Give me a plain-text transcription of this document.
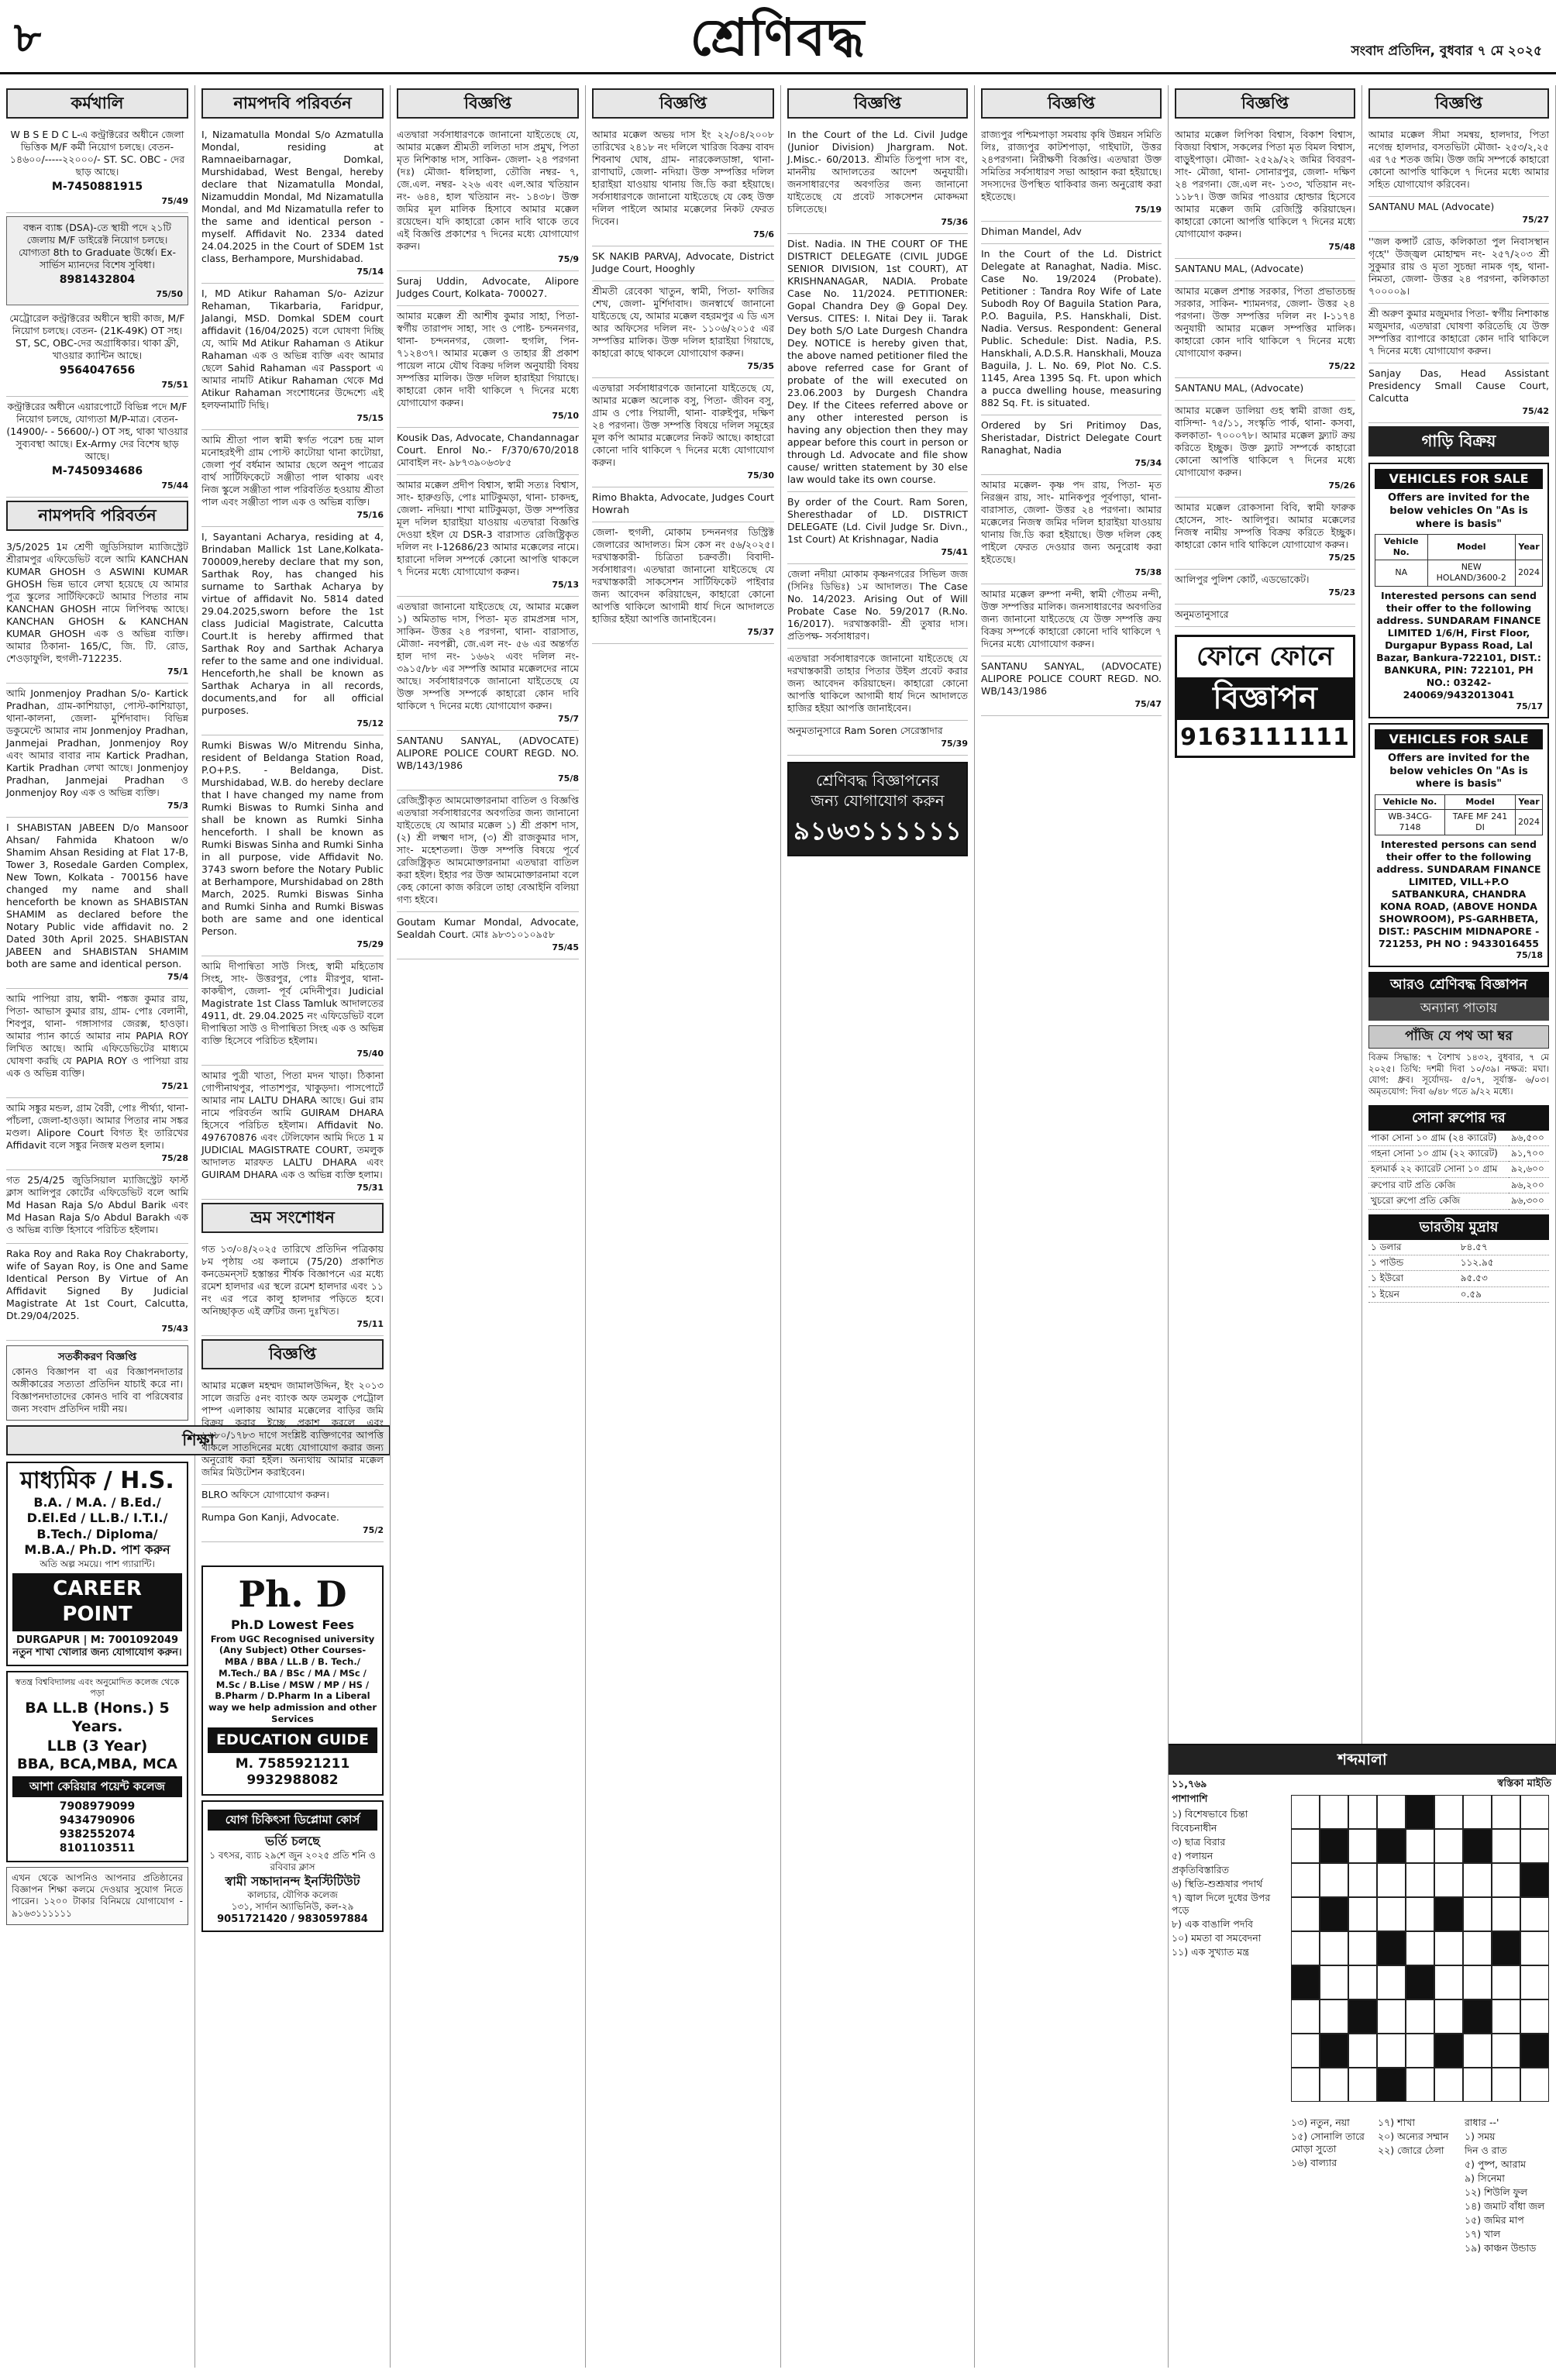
৮	শ্রেণিবদ্ধ	সংবাদ প্রতিদিন, বুধবার ৭ মে ২০২৫
কর্মখালি
W B S E D C L-এ কন্ট্রাক্টরের অধীনে জেলা ভিত্তিক M/F কর্মী নিয়োগ চলছে। বেতন- ১৪৬০০/-----২২০০০/- ST. SC. OBC - দের ছাড় আছে।
M-7450881915
75/49
বন্ধন ব্যাঙ্ক (DSA)-তে স্থায়ী পদে ২১টি জেলায় M/F ডাইরেক্ট নিয়োগ চলছে। যোগ্যতা 8th to Graduate উর্ধ্বে। Ex- সার্ভিস ম্যানদের বিশেষ সুবিধা।
8981432804
75/50
মেট্রোরেল কন্ট্রাক্টরের অধীনে স্থায়ী কাজ, M/F নিয়োগ চলছে। বেতন- (21K-49K) OT সহ। ST, SC, OBC-দের অগ্রাধিকার। থাকা ফ্রী, খাওয়ার ক্যান্টিন আছে।
9564047656
75/51
কন্ট্রাক্টরের অধীনে এয়ারপোর্টে বিভিন্ন পদে M/F নিয়োগ চলছে, যোগ্যতা M/P-মাত্র। বেতন- (14900/- - 56600/-) OT সহ, থাকা খাওয়ার সুব্যবস্থা আছে। Ex-Army দের বিশেষ ছাড় আছে।
M-7450934686
75/44
নামপদবি পরিবর্তন
3/5/2025 1ম শ্রেণী জুডিসিয়াল ম্যাজিস্ট্রেট শ্রীরামপুর এফিডেভিট বলে আমি KANCHAN KUMAR GHOSH ও ASWINI KUMAR GHOSH ভিন্ন ভাবে লেখা হয়েছে যে আমার পুত্র স্কুলের সার্টিফিকেটে আমার পিতার নাম KANCHAN GHOSH নামে লিপিবদ্ধ আছে। KANCHAN GHOSH & KANCHAN KUMAR GHOSH এক ও অভিন্ন ব্যক্তি। আমার ঠিকানা- 165/C, জি. টি. রোড, শেওড়াফুলি, হুগলী-712235.
75/1
আমি Jonmenjoy Pradhan S/o- Kartick Pradhan, গ্রাম-কাশিয়াড়া, পোস্ট-কাশিয়াড়া, থানা-কালনা, জেলা- মুর্শিদাবাদ। বিভিন্ন ডকুমেন্টে আমার নাম Jonmenjoy Pradhan, Janmejai Pradhan, Jonmenjoy Roy এবং আমার বাবার নাম Kartick Pradhan, Kartik Pradhan লেখা আছে। Jonmenjoy Pradhan, Janmejai Pradhan ও Jonmenjoy Roy এক ও অভিন্ন ব্যক্তি।
75/3
I SHABISTAN JABEEN D/o Mansoor Ahsan/ Fahmida Khatoon w/o Shamim Ahsan Residing at Flat 17-B, Tower 3, Rosedale Garden Complex, New Town, Kolkata - 700156 have changed my name and shall henceforth be known as SHABISTAN SHAMIM as declared before the Notary Public vide affidavit no. 2 Dated 30th April 2025. SHABISTAN JABEEN and SHABISTAN SHAMIM both are same and identical person.
75/4
আমি পাপিয়া রায়, স্বামী- পঙ্কজ কুমার রায়, পিতা- আভাস কুমার রায়, গ্রাম- পোঃ বেলানী, শিবপুর, থানা- গঙ্গাসাগর জেরক্স, হাওড়া। আমার প্যান কার্ডে আমার নাম PAPIA ROY লিখিত আছে। আমি এফিডেভিটের মাধ্যমে ঘোষণা করছি যে PAPIA ROY ও পাপিয়া রায় এক ও অভিন্ন ব্যক্তি।
75/21
আমি সঙ্কুর মন্ডল, গ্রাম বৈরী, পোঃ পীর্থ্যা, থানা-পাঁচলা, জেলা-হাওড়া। আমার পিতার নাম সঙ্কর মণ্ডল। Alipore Court বিগত ইং তারিখের Affidavit বলে সঙ্কুর নিজস্ব মণ্ডল হলাম।
75/28
গত 25/4/25 জুডিসিয়াল ম্যাজিস্ট্রেট ফার্স্ট ক্লাস আলিপুর কোর্টের এফিডেভিট বলে আমি Md Hasan Raja S/o Abdul Barik এবং Md Hasan Raja S/o Abdul Barakh এক ও অভিন্ন ব্যক্তি হিসাবে পরিচিত হইলাম।
Raka Roy and Raka Roy Chakraborty, wife of Sayan Roy, is One and Same Identical Person By Virtue of An Affidavit Signed By Judicial Magistrate At 1st Court, Calcutta, Dt.29/04/2025.
75/43
সতর্কীকরণ বিজ্ঞপ্তি
কোনও বিজ্ঞাপন বা এর বিজ্ঞাপনদাতার অঙ্গীকারের সত্যতা প্রতিদিন যাচাই করে না। বিজ্ঞাপনদাতাদের কোনও দাবি বা পরিষেবার জন্য সংবাদ প্রতিদিন দায়ী নয়।
শিক্ষা
মাধ্যমিক / H.S.
B.A. / M.A. / B.Ed./
D.El.Ed / LL.B./ I.T.I./
B.Tech./ Diploma/
M.B.A./ Ph.D. পাশ করুন
অতি অল্প সময়ে। পাশ গ্যারান্টি।
CAREER POINT
DURGAPUR | M: 7001092049
নতুন শাখা খোলার জন্য যোগাযোগ করুন।
স্বতন্ত্র বিশ্ববিদ্যালয় এবং অনুমোদিত কলেজ থেকে পড়া
BA LL.B (Hons.) 5 Years.
LLB (3 Year)
BBA, BCA,MBA, MCA
আশা কেরিয়ার পয়েন্ট কলেজ
7908979099
9434790906
9382552074
8101103511
এখন থেকে আপনিও আপনার প্রতিষ্ঠানের বিজ্ঞাপন শিক্ষা কলমে দেওয়ার সুযোগ নিতে পারেন। ১২০০ টাকার বিনিময়ে যোগাযোগ - ৯১৬৩১১১১১১
নামপদবি পরিবর্তন
I, Nizamatulla Mondal S/o Azmatulla Mondal, residing at Ramnaeibarnagar, Domkal, Murshidabad, West Bengal, hereby declare that Nizamatulla Mondal, Nizamuddin Mondal, Md Nizamatulla Mondal, and Md Nizamatulla refer to the same and identical person - myself. Affidavit No. 2334 dated 24.04.2025 in the Court of SDEM 1st class, Berhampore, Murshidabad.
75/14
I, MD Atikur Rahaman S/o- Azizur Rehaman, Tikarbaria, Faridpur, Jalangi, MSD. Domkal SDEM court affidavit (16/04/2025) বলে ঘোষণা দিচ্ছি যে, আমি Md Atikur Rahaman ও Atikur Rahaman এক ও অভিন্ন ব্যক্তি এবং আমার ছেলে Sahid Rahaman এর Passport এ আমার নামটি Atikur Rahaman থেকে Md Atikur Rahaman সংশোধনের উদ্দেশ্যে এই হলফনামাটি দিছি।
75/15
আমি শ্রীতা পাল স্বামী স্বর্গত পরেশ চন্দ্র মাল মনোহরইপী গ্রাম পোস্ট কাটোয়া থানা কাটোয়া, জেলা পূর্ব বর্ধমান আমার ছেলে অনুপ পাত্রের বার্থ সার্টিফিকেটে সঞ্জীতা পাল থাকায় এবং নিজ স্কুলে সঞ্জীতা পাল পরিবর্তিত হওয়ায় শ্রীতা পাল এবং সঞ্জীতা পাল এক ও অভিন্ন ব্যক্তি।
75/16
I, Sayantani Acharya, residing at 4, Brindaban Mallick 1st Lane,Kolkata-700009,hereby declare that my son, Sarthak Roy, has changed his surname to Sarthak Acharya by virtue of affidavit No. 5814 dated 29.04.2025,sworn before the 1st class Judicial Magistrate, Calcutta Court.It is hereby affirmed that Sarthak Roy and Sarthak Acharya refer to the same and one individual. Henceforth,he shall be known as Sarthak Acharya in all records, documents,and for all official purposes.
75/12
Rumki Biswas W/o Mitrendu Sinha, resident of Beldanga Station Road, P.O+P.S. - Beldanga, Dist. Murshidabad, W.B. do hereby declare that I have changed my name from Rumki Biswas to Rumki Sinha and shall be known as Rumki Sinha henceforth. I shall be known as Rumki Biswas Sinha and Rumki Sinha in all purpose, vide Affidavit No. 3743 sworn before the Notary Public at Berhampore, Murshidabad on 28th March, 2025. Rumki Biswas Sinha and Rumki Sinha and Rumki Biswas both are same and one identical Person.
75/29
আমি দীপান্বিতা সাউ সিংহ, স্বামী মহিতোষ সিংহ, সাং- উত্তরপুর, পোঃ মীরপুর, থানা- কাকদ্বীপ, জেলা- পূর্ব মেদিনীপুর। Judicial Magistrate 1st Class Tamluk আদালতের 4911, dt. 29.04.2025 নং এফিডেভিট বলে দীপান্বিতা সাউ ও দীপান্বিতা সিংহ এক ও অভিন্ন ব্যক্তি হিসেবে পরিচিত হইলাম।
75/40
আমার পুত্রী খাতা, পিতা মদন খাড়া। ঠিকানা গোপীনাথপুর, পাতাশপুর, খাকুড়দা। পাসপোর্টে আমার নাম LALTU DHARA আছে। Gui রাম নামে পরিবর্তন আমি GUIRAM DHARA হিসেবে পরিচিত হইলাম। Affidavit No. 497670876 এবং টেলিফোন আমি দিতে 1 ম JUDICIAL MAGISTRATE COURT, তমলুক আদালত মারফত LALTU DHARA এবং GUIRAM DHARA এক ও অভিন্ন ব্যক্তি হলাম।
75/31
ভ্রম সংশোধন
গত ১৩/০৪/২০২৫ তারিখে প্রতিদিন পত্রিকায় ৮ম পৃষ্ঠায় ৩য় কলামে (75/20) প্রকাশিত কনডেমন্‌সট হস্তান্তর শীর্ষক বিজ্ঞাপনে এর মধ্যে রমেশ হালদার এর স্থলে রমেশ হালদার এবং ১১ নং এর পরে কালু হালদার পড়িতে হবে। অনিচ্ছাকৃত এই ত্রুটির জন্য দুঃখিত।
75/11
বিজ্ঞপ্তি
আমার মক্কেল মহম্মদ জামালউদ্দিন, ইং ২০১৩ সালে জরতি ৫নং ব্যাংক অফ তমলুক পেট্রোল পাম্প এলাকায় আমার মক্কেলের বাড়ির জমি বিক্রয় করার ইচ্ছে প্রকাশ করলে এবং ১৬৮০/১৭৮৩ দাগে সংশ্লিষ্ট ব্যক্তিগণের আপত্তি থাকলে সাতদিনের মধ্যে যোগাযোগ করার জন্য অনুরোধ করা হইল। অন্যথায় আমার মক্কেল জমির মিউটেশন করাইবেন।
BLRO অফিসে যোগাযোগ করুন।
Rumpa Gon Kanji, Advocate.
75/2
Ph. D
Ph.D Lowest Fees
From UGC Recognised university (Any Subject) Other Courses- MBA / BBA / LL.B / B. Tech./ M.Tech./ BA / BSc / MA / MSc / M.Sc / B.Lise / MSW / MP / HS / B.Pharm / D.Pharm In a Liberal way we help admission and other Services
EDUCATION GUIDE
M. 7585921211
9932988082
যোগ চিকিৎসা ডিপ্লোমা কোর্স
ভর্তি চলছে
১ বৎসর, ব্যাচ ২৯শে জুন ২০২৫ প্রতি শনি ও রবিবার ক্লাস
স্বামী সচ্চাদানন্দ ইনস্টিটিউট
কালচার, যৌগিক কলেজ
১৩১, সার্দান অ্যাভিনিউ, কল-২৯
9051721420 / 9830597884
বিজ্ঞপ্তি
এতদ্বারা সর্বসাধারণকে জানানো যাইতেছে যে, আমার মক্কেল শ্রীমতী ললিতা দাস প্রমুখ, পিতা মৃত নিশিকান্ত দাস, সাকিন- জেলা- ২৪ পরগনা (দঃ) মৌজা- ধলিহালা, তৌজি নম্বর- ৭, জে.এল. নম্বর- ২২৬ এবং এল.আর খতিয়ান নং- ৬৪৪, হাল খতিয়ান নং- ১৪৩৮। উক্ত জমির মূল মালিক হিসাবে আমার মক্কেল রয়েছেন। যদি কাহারো কোন দাবি থাকে তবে এই বিজ্ঞপ্তি প্রকাশের ৭ দিনের মধ্যে যোগাযোগ করুন।
75/9
Suraj Uddin, Advocate, Alipore Judges Court, Kolkata- 700027.
আমার মক্কেল শ্রী আশীষ কুমার সাহা, পিতা- স্বর্গীয় তারাপদ সাহা, সাং ও পোষ্ট- চন্দননগর, থানা- চন্দননগর, জেলা- হুগলি, পিন- ৭১২৪৩৭। আমার মক্কেল ও তাহার স্ত্রী প্রকাশ পায়েল নামে যৌথ বিক্রয় দলিল অনুযায়ী বিষয় সম্পত্তির মালিক। উক্ত দলিল হারাইয়া গিয়াছে। কাহারো কোন দাবী থাকিলে ৭ দিনের মধ্যে যোগাযোগ করুন।
75/10
Kousik Das, Advocate, Chandannagar Court. Enrol No.- F/370/670/2018 মোবাইল নং- ৯৮৭৩৯০৬৩৮৫
আমার মক্কেল প্রদীপ বিশ্বাস, স্বামী সত্যঃ বিশ্বাস, সাং- হারুগুড়ি, পোঃ মাটিকুমড়া, থানা- চাকদহ, জেলা- নদিয়া। শাখা মাটিকুমড়া, উক্ত সম্পত্তির মূল দলিল হারাইয়া যাওয়ায় এতদ্বারা বিজ্ঞপ্তি দেওয়া হইল যে DSR-3 বারাসাত রেজিষ্ট্রিকৃত দলিল নং I-12686/23 আমার মক্কেলের নামে। হারানো দলিল সম্পর্কে কোনো আপত্তি থাকলে ৭ দিনের মধ্যে যোগাযোগ করুন।
75/13
এতদ্বারা জানানো যাইতেছে যে, আমার মক্কেল ১) অমিতাভ দাস, পিতা- মৃত রামপ্রসন্ন দাস, সাকিন- উত্তর ২৪ পরগনা, থানা- বারাসাত, মৌজা- নবপল্লী, জে.এল নং- ৫৬ এর অন্তর্গত হাল দাগ নং- ১৬৬২ এবং দলিল নং- ৩৯১৫/৮৮ এর সম্পত্তি আমার মক্কেলদের নামে আছে। সর্বসাধারণকে জানানো যাইতেছে যে উক্ত সম্পত্তি সম্পর্কে কাহারো কোন দাবি থাকিলে ৭ দিনের মধ্যে যোগাযোগ করুন।
75/7
SANTANU SANYAL, (ADVOCATE) ALIPORE POLICE COURT REGD. NO. WB/143/1986
75/8
রেজিস্ট্রীকৃত আমমোক্তারনামা বাতিল ও বিজ্ঞপ্তি এতদ্বারা সর্বসাধারণের অবগতির জন্য জানানো যাইতেছে যে আমার মক্কেল ১) শ্রী প্রকাশ দাস, (২) শ্রী লক্ষ্মণ দাস, (৩) শ্রী রাজকুমার দাস, সাং- মহেশতলা। উক্ত সম্পত্তি বিষয়ে পূর্বে রেজিষ্ট্রিকৃত আমমোক্তারনামা এতদ্বারা বাতিল করা হইল। ইহার পর উক্ত আমমোক্তারনামা বলে কেহ কোনো কাজ করিলে তাহা বেআইনি বলিয়া গণ্য হইবে।
Goutam Kumar Mondal, Advocate, Sealdah Court. মোঃ ৯৮৩১০১০৯৫৮
75/45
বিজ্ঞপ্তি
আমার মক্কেল অভয় দাস ইং ২২/০৪/২০০৮ তারিখের ২৪১৮ নং দলিলে খারিজ বিক্রয় বাবদ শিবনাথ ঘোষ, গ্রাম- নারকেলডাঙ্গা, থানা- রাণাঘাট, জেলা- নদিয়া। উক্ত সম্পত্তির দলিল হারাইয়া যাওয়ায় থানায় জি.ডি করা হইয়াছে। সর্বসাধারণকে জানানো যাইতেছে যে কেহ উক্ত দলিল পাইলে আমার মক্কেলের নিকট ফেরত দিবেন।
75/6
SK NAKIB PARVAJ, Advocate, District Judge Court, Hooghly
শ্রীমতী রেবেকা খাতুন, স্বামী, পিতা- ফাজির শেখ, জেলা- মুর্শিদাবাদ। জনস্বার্থে জানানো যাইতেছে যে, আমার মক্কেল বহরমপুর এ ডি এস আর অফিসের দলিল নং- ১১০৬/২০১৫ এর সম্পত্তির মালিক। উক্ত দলিল হারাইয়া গিয়াছে, কাহারো কাছে থাকলে যোগাযোগ করুন।
75/35
এতদ্বারা সর্বসাধারণকে জানানো যাইতেছে যে, আমার মক্কেল অলোক বসু, পিতা- জীবন বসু, গ্রাম ও পোঃ পিয়ালী, থানা- বারুইপুর, দক্ষিণ ২৪ পরগনা। উক্ত সম্পত্তি বিষয়ে দলিল সমূহের মূল কপি আমার মক্কেলের নিকট আছে। কাহারো কোনো দাবি থাকিলে ৭ দিনের মধ্যে যোগাযোগ করুন।
75/30
Rimo Bhakta, Advocate, Judges Court Howrah
জেলা- হুগলী, মোকাম চন্দননগর ডিস্ট্রিক্ট জেলারের আদালত। মিস কেস নং ৫৬/২০২৫। দরখাস্তকারী- চিত্রিতা চক্রবর্তী। বিবাদী- সর্বসাধারণ। এতদ্বারা জানানো যাইতেছে যে দরখাস্তকারী সাকসেশন সার্টিফিকেট পাইবার জন্য আবেদন করিয়াছেন, কাহারো কোনো আপত্তি থাকিলে আগামী ধার্য দিনে আদালতে হাজির হইয়া আপত্তি জানাইবেন।
75/37
বিজ্ঞপ্তি
In the Court of the Ld. Civil Judge (Junior Division) Jhargram. Not. J.Misc.- 60/2013. শ্রীমতি তিপুপা দাস বং, মাননীয় আদালতের আদেশ অনুযায়ী। জনসাধারণের অবগতির জন্য জানানো যাইতেছে যে প্রবেট সাকসেশন মোকদ্দমা চলিতেছে।
75/36
Dist. Nadia. IN THE COURT OF THE DISTRICT DELEGATE (CIVIL JUDGE SENIOR DIVISION, 1st COURT), AT KRISHNANAGAR, NADIA. Probate Case No. 11/2024. PETITIONER: Gopal Chandra Dey @ Gopal Dey. Versus. CITES: I. Nitai Dey ii. Tarak Dey both S/O Late Durgesh Chandra Dey. NOTICE is hereby given that, the above named petitioner filed the above referred case for Grant of probate of the will executed on 23.06.2003 by Durgesh Chandra Dey. If the Citees referred above or any other interested person is having any objection then they may appear before this court in person or through Ld. Advocate and file show cause/ written statement by 30 else law would take its own course.
By order of the Court. Ram Soren, Sheresthadar of LD. DISTRICT DELEGATE (Ld. Civil Judge Sr. Divn., 1st Court) At Krishnagar, Nadia
75/41
জেলা নদীয়া মোকাম কৃষ্ণনগরের সিভিল জজ (সিনিঃ ডিভিঃ) ১ম আদালত। The Case No. 14/2023. Arising Out of Will Probate Case No. 59/2017 (R.No. 16/2017). দরখাস্তকারী- শ্রী তুষার দাস। প্রতিপক্ষ- সর্বসাধারণ।
এতদ্বারা সর্বসাধারণকে জানানো যাইতেছে যে দরখাস্তকারী তাহার পিতার উইল প্রবেট করার জন্য আবেদন করিয়াছেন। কাহারো কোনো আপত্তি থাকিলে আগামী ধার্য দিনে আদালতে হাজির হইয়া আপত্তি জানাইবেন।
অনুমতানুসারে Ram Soren সেরেস্তাদার
75/39
শ্রেণিবদ্ধ বিজ্ঞাপনের
জন্য যোগাযোগ করুন
৯১৬৩১১১১১১
বিজ্ঞপ্তি
রাজ্যপুর পশ্চিমপাড়া সমবায় কৃষি উন্নয়ন সমিতি লিঃ, রাজ্যপুর কাটশপাড়া, গাইঘাটা, উত্তর ২৪পরগনা। নিরীক্ষণী বিজ্ঞপ্তি। এতদ্বারা উক্ত সমিতির সর্বসাধারণ সভা আহ্বান করা হইয়াছে। সদস্যদের উপস্থিত থাকিবার জন্য অনুরোধ করা হইতেছে।
75/19
Dhiman Mandel, Adv
In the Court of the Ld. District Delegate at Ranaghat, Nadia. Misc. Case No. 19/2024 (Probate). Petitioner : Tandra Roy Wife of Late Subodh Roy Of Baguila Station Para, P.O. Baguila, P.S. Hanskhali, Dist. Nadia. Versus. Respondent: General Public. Schedule: Dist. Nadia, P.S. Hanskhali, A.D.S.R. Hanskhali, Mouza Baguila, J. L. No. 69, Plot No. C.S. 1145, Area 1395 Sq. Ft. upon which a pucca dwelling house, measuring 882 Sq. Ft. is situated.
Ordered by Sri Pritimoy Das, Sheristadar, District Delegate Court Ranaghat, Nadia
75/34
আমার মক্কেল- কৃষ্ণ পদ রায়, পিতা- মৃত নিরঞ্জন রায়, সাং- মানিকপুর পূর্বপাড়া, থানা- বারাসাত, জেলা- উত্তর ২৪ পরগনা। আমার মক্কেলের নিজস্ব জমির দলিল হারাইয়া যাওয়ায় থানায় জি.ডি করা হইয়াছে। উক্ত দলিল কেহ পাইলে ফেরত দেওয়ার জন্য অনুরোধ করা হইতেছে।
75/38
আমার মক্কেল রুম্পা নন্দী, স্বামী গৌতম নন্দী, উক্ত সম্পত্তির মালিক। জনসাধারণের অবগতির জন্য জানানো যাইতেছে যে উক্ত সম্পত্তি ক্রয় বিক্রয় সম্পর্কে কাহারো কোনো দাবি থাকিলে ৭ দিনের মধ্যে যোগাযোগ করুন।
SANTANU SANYAL, (ADVOCATE) ALIPORE POLICE COURT REGD. NO. WB/143/1986
75/47
বিজ্ঞপ্তি
আমার মক্কেল লিপিকা বিশ্বাস, বিকাশ বিশ্বাস, বিজয়া বিশ্বাস, সকলের পিতা মৃত বিমল বিশ্বাস, বাড়ুইপাড়া। মৌজা- ২৫২৯/২২ জমির বিবরণ- সাং- মৌজা, থানা- সোনারপুর, জেলা- দক্ষিণ ২৪ পরগনা। জে.এল নং- ১৩৩, খতিয়ান নং- ১১৮৭। উক্ত জমির পাওয়ার হোল্ডার হিসেবে আমার মক্কেল জমি রেজিস্ট্রি করিয়াছেন। কাহারো কোনো আপত্তি থাকিলে ৭ দিনের মধ্যে যোগাযোগ করুন।
75/48
SANTANU MAL, (Advocate)
আমার মক্কেল প্রশান্ত সরকার, পিতা প্রভাতচন্দ্র সরকার, সাকিন- শ্যামনগর, জেলা- উত্তর ২৪ পরগনা। উক্ত সম্পত্তির দলিল নং I-১১৭৪ অনুযায়ী আমার মক্কেল সম্পত্তির মালিক। কাহারো কোন দাবি থাকিলে ৭ দিনের মধ্যে যোগাযোগ করুন।
75/22
SANTANU MAL, (Advocate)
আমার মক্কেল ডালিয়া গুহ স্বামী রাজা গুহ, বাসিন্দা- ৭৫/১১, সংস্কৃতি পার্ক, থানা- কসবা, কলকাতা- ৭০০০৭৮। আমার মক্কেল ফ্ল্যাট ক্রয় করিতে ইচ্ছুক। উক্ত ফ্ল্যাট সম্পর্কে কাহারো কোনো আপত্তি থাকিলে ৭ দিনের মধ্যে যোগাযোগ করুন।
75/26
আমার মক্কেল রোকসানা বিবি, স্বামী ফারুক হোসেন, সাং- আলিপুর। আমার মক্কেলের নিজস্ব নামীয় সম্পত্তি বিক্রয় করিতে ইচ্ছুক। কাহারো কোন দাবি থাকিলে যোগাযোগ করুন।
75/25
আলিপুর পুলিশ কোর্ট, এডভোকেট।
75/23
অনুমতানুসারে
ফোনে ফোনে
বিজ্ঞাপন
9163111111
বিজ্ঞপ্তি
আমার মক্কেল সীমা সমন্বয়, হালদার, পিতা নগেন্দ্র হালদার, বসতভিটা মৌজা- ২৫৩/২,২৫ এর ৭৫ শতক জমি। উক্ত জমি সম্পর্কে কাহারো কোনো আপত্তি থাকিলে ৭ দিনের মধ্যে আমার সহিত যোগাযোগ করিবেন।
SANTANU MAL (Advocate)
75/27
''জল কন্সার্ট রোড, কলিকাতা পুল নিবাসস্থান গৃহে'' উজ্জ্বল মোহাম্মদ নং- ২৫৭/২০৩ শ্রী সুকুমার রায় ও মৃতা সুচন্দ্রা নামক গৃহ, থানা- নিমতা, জেলা- উত্তর ২৪ পরগনা, কলিকাতা ৭০০০০৯।
শ্রী অরুণ কুমার মজুমদার পিতা- স্বর্গীয় নিশাকান্ত মজুমদার, এতদ্বারা ঘোষণা করিতেছি যে উক্ত সম্পত্তির ব্যাপারে কাহারো কোন দাবি থাকিলে ৭ দিনের মধ্যে যোগাযোগ করুন।
Sanjay Das, Head Assistant Presidency Small Cause Court, Calcutta
75/42
গাড়ি বিক্রয়
VEHICLES FOR SALE
Offers are invited for the below vehicles On "As is where is basis"
Vehicle No.	Model	Year
NA	NEW HOLAND/3600-2	2024
Interested persons can send their offer to the following address. SUNDARAM FINANCE LIMITED 1/6/H, First Floor, Durgapur Bypass Road, Lal Bazar, Bankura-722101, DIST.: BANKURA, PIN: 722101, PH NO.: 03242-240069/9432013041
75/17
VEHICLES FOR SALE
Offers are invited for the below vehicles On "As is where is basis"
Vehicle No.	Model	Year
WB-34CG-7148	TAFE MF 241 DI	2024
Interested persons can send their offer to the following address. SUNDARAM FINANCE LIMITED, VILL+P.O SATBANKURA, CHANDRA KONA ROAD, (ABOVE HONDA SHOWROOM), PS-GARHBETA, DIST.: PASCHIM MIDNAPORE - 721253, PH NO : 9433016455
75/18
আরও শ্রেণিবদ্ধ বিজ্ঞাপন
অন্যান্য পাতায়
পাঁজি যে পথ আ ম্বর
বিক্রম সিদ্ধান্ত: ৭ বৈশাখ ১৪৩২, বুধবার, ৭ মে ২০২৫। তিথি: দশমী দিবা ১০/৩৯। নক্ষত্র: মঘা। যোগ: ধ্রুব। সূর্যোদয়- ৫/০৭, সূর্যাস্ত- ৬/০৩। অমৃতযোগ: দিবা ৬/৪৮ গতে ৯/২২ মধ্যে।
সোনা রুপোর দর
পাকা সোনা ১০ গ্রাম (২৪ ক্যারেট)	৯৬,৫০০
গহনা সোনা ১০ গ্রাম (২২ ক্যারেট)	৯১,৭০০
হলমার্ক ২২ ক্যারেট সোনা ১০ গ্রাম	৯২,৬০০
রুপোর বাট প্রতি কেজি	৯৬,২০০
খুচরো রুপো প্রতি কেজি	৯৬,৩০০
ভারতীয় মুদ্রায়
১ ডলার	৮৪.৫৭
১ পাউন্ড	১১২.৯৫
১ ইউরো	৯৫.৫৩
১ ইয়েন	০.৫৯
শব্দমালা
১১,৭৬৯
পাশাপাশি
১) বিশেষভাবে চিন্তা
বিবেচনাধীন
৩) ছাত্র বিরার
৫) পলায়ন
প্রকৃতিবিস্তারিত
৬) স্থিতি-শুশ্রূষার পদার্থ
৭) জ্বাল দিলে দুধের উপর পড়ে
৮) এক বাঙালি পদবি
১০) মমতা বা সমবেদনা
১১) এক সুখ্যাত মন্ত্র
স্বস্তিকা মাইতি
১৩) নতুন, নয়া
১৫) সোনালি তারে মোড়া সুতো
১৬) বাল্যার
১৭) শাখা
২০) অন্যের সম্মান
২২) জোরে ঠেলা
রাধার --'
১) সময়
দিন ও রাত
৫) পুষ্প, আরাম
৯) সিনেমা
১২) শিউলি ফুল
১৪) জমাট বাঁধা জল
১৫) জমির মাপ
১৭) খাল
১৯) কাঞ্চন উন্ডাড
